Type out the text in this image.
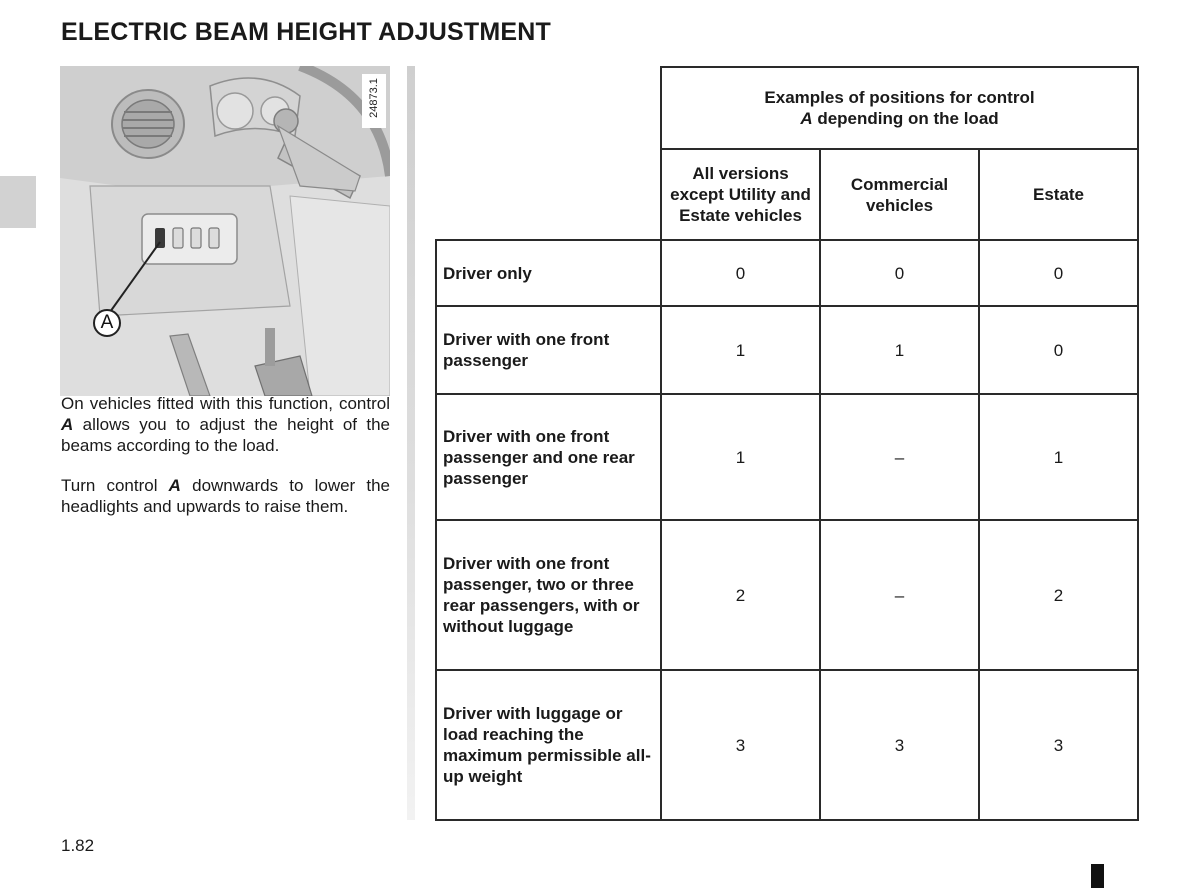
ELECTRIC BEAM HEIGHT ADJUSTMENT
24873.1
A

On vehicles fitted with this function, control A allows you to adjust the height of the beams according to the load.

Turn control A downwards to lower the headlights and upwards to raise them.

	Examples of positions for control
A depending on the load		
	All versions except Utility and Estate vehicles	Commercial vehicles	Estate
Driver only	0	0	0
Driver with one front passenger	1	1	0
Driver with one front passenger and one rear passenger	1	–	1
Driver with one front passenger, two or three rear passengers, with or without luggage	2	–	2
Driver with luggage or load reaching the maximum permissible all-up weight	3	3	3
1.82
